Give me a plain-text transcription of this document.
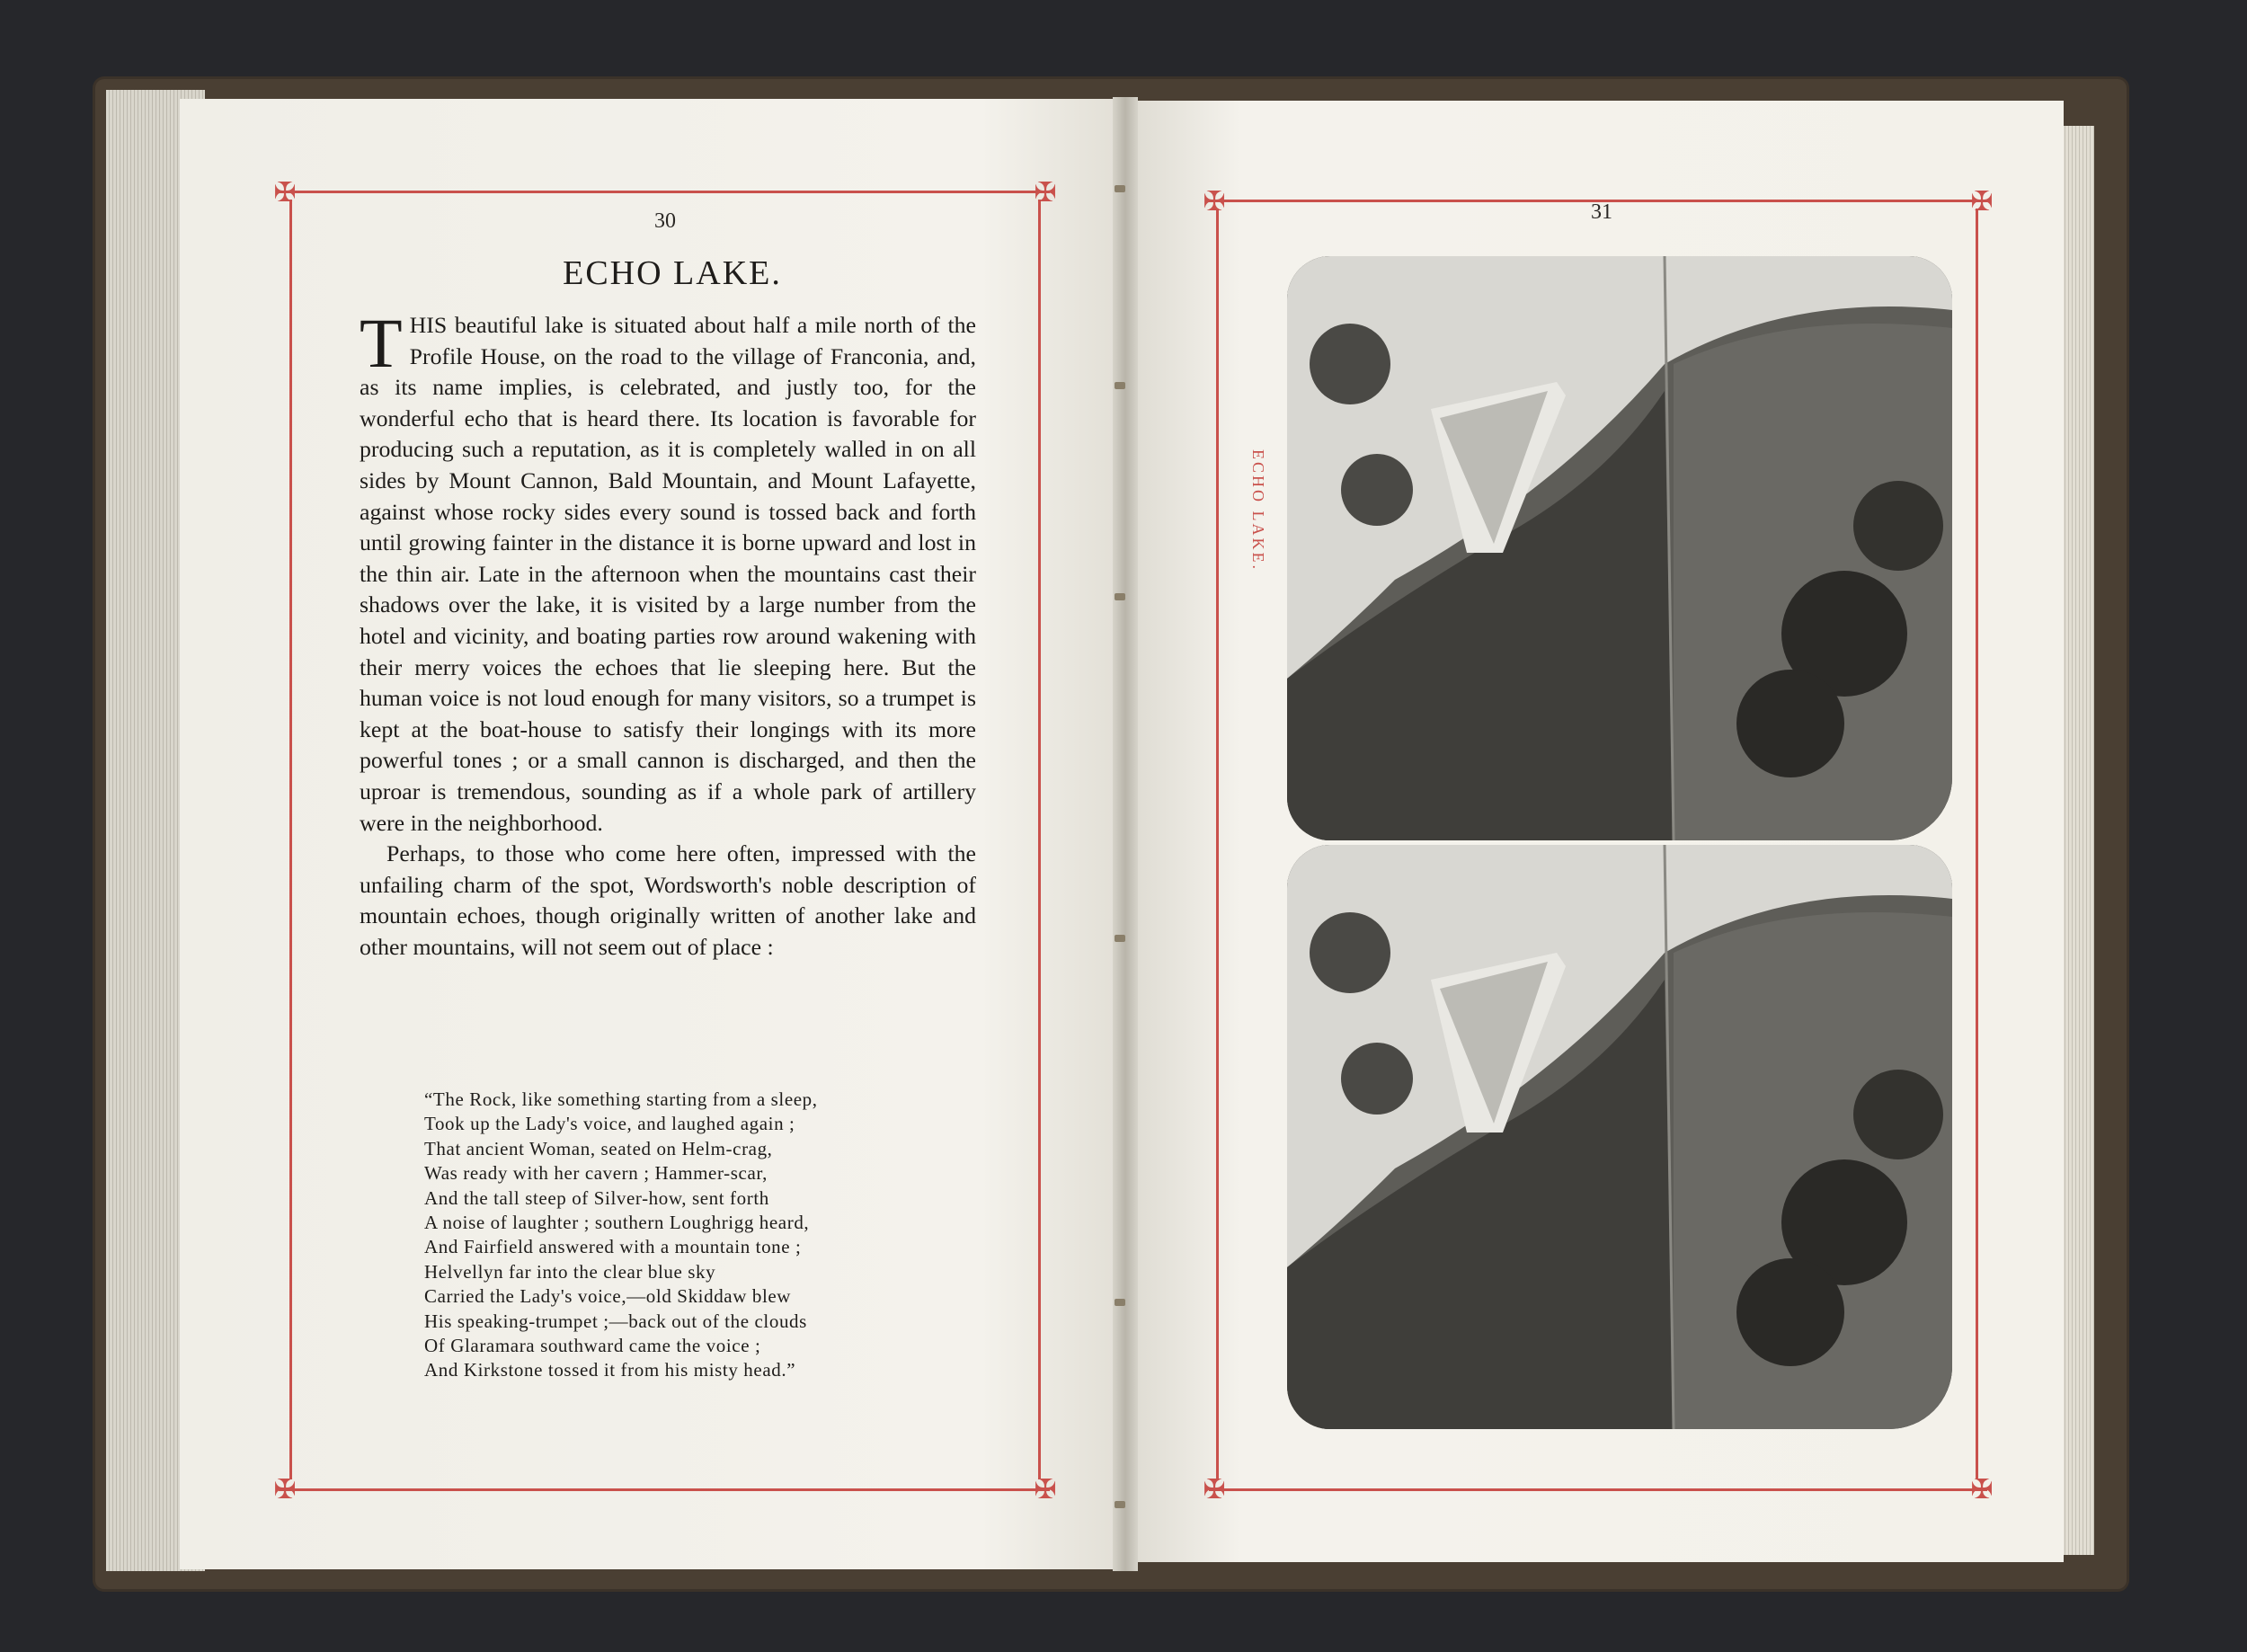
✠	✠
✠	✠
✠	✠
✠	✠
30
ECHO LAKE.

THIS beautiful lake is situated about half a mile north of the Profile House, on the road to the village of Franconia, and, as its name implies, is celebrated, and justly too, for the wonderful echo that is heard there. Its location is favorable for producing such a reputation, as it is completely walled in on all sides by Mount Cannon, Bald Mountain, and Mount Lafayette, against whose rocky sides every sound is tossed back and forth until growing fainter in the distance it is borne upward and lost in the thin air. Late in the afternoon when the mountains cast their shadows over the lake, it is visited by a large number from the hotel and vicinity, and boating parties row around wakening with their merry voices the echoes that lie sleeping here. But the human voice is not loud enough for many visitors, so a trumpet is kept at the boat-house to satisfy their longings with its more powerful tones ; or a small cannon is discharged, and then the uproar is tremendous, sounding as if a whole park of artillery were in the neighborhood.

Perhaps, to those who come here often, impressed with the unfailing charm of the spot, Wordsworth's noble description of mountain echoes, though originally written of another lake and other mountains, will not seem out of place :

“The Rock, like something starting from a sleep,
Took up the Lady's voice, and laughed again ;
That ancient Woman, seated on Helm-crag,
Was ready with her cavern ; Hammer-scar,
And the tall steep of Silver-how, sent forth
A noise of laughter ; southern Loughrigg heard,
And Fairfield answered with a mountain tone ;
Helvellyn far into the clear blue sky
Carried the Lady's voice,—old Skiddaw blew
His speaking-trumpet ;—back out of the clouds
Of Glaramara southward came the voice ;
And Kirkstone tossed it from his misty head.”
31
ECHO LAKE.
